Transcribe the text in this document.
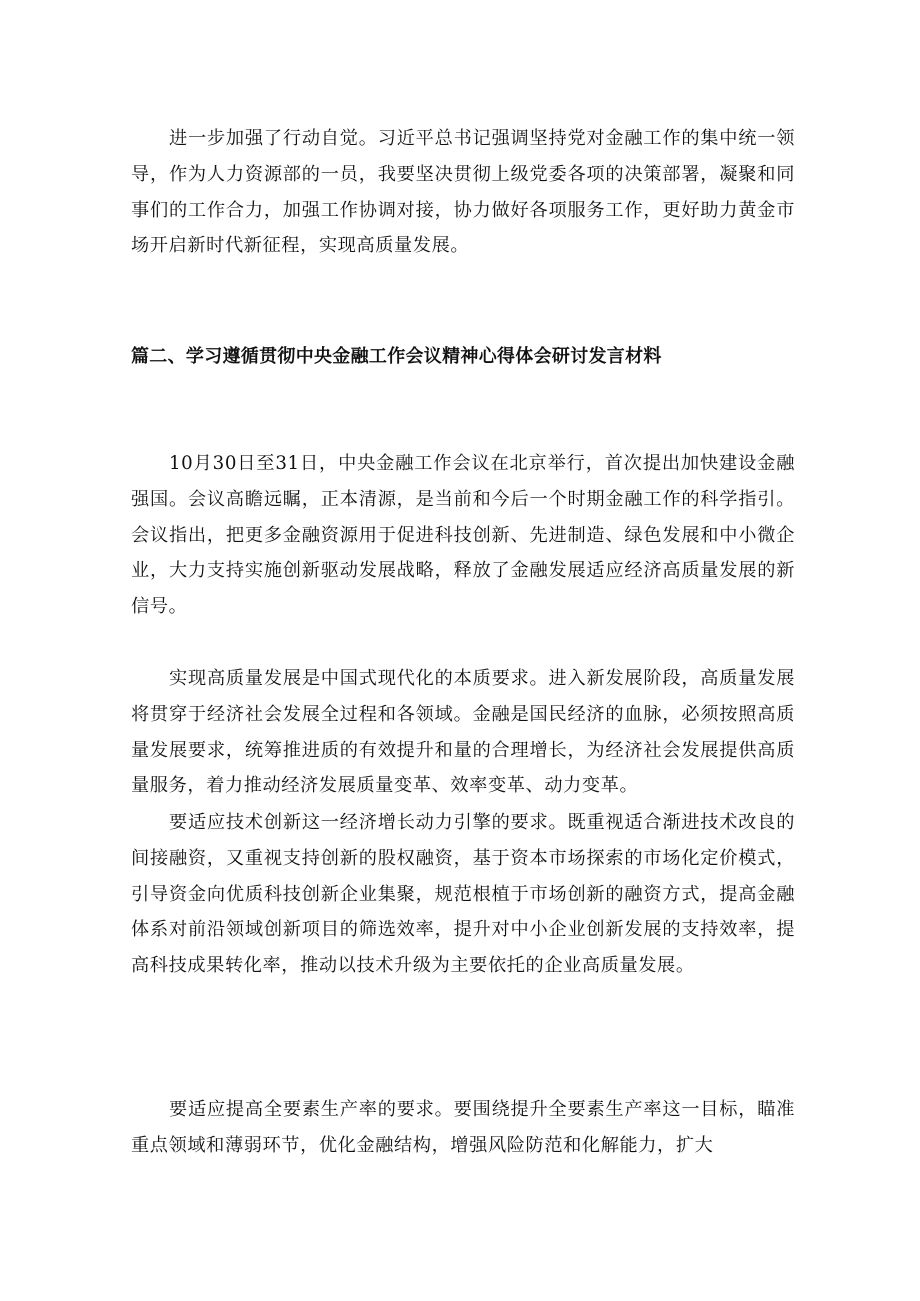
进一步加强了行动自觉。习近平总书记强调坚持党对金融工作的集中统一领导，作为人力资源部的一员，我要坚决贯彻上级党委各项的决策部署，凝聚和同事们的工作合力，加强工作协调对接，协力做好各项服务工作，更好助力黄金市场开启新时代新征程，实现高质量发展。

篇二、学习遵循贯彻中央金融工作会议精神心得体会研讨发言材料

10月30日至31日，中央金融工作会议在北京举行，首次提出加快建设金融强国。会议高瞻远瞩，正本清源，是当前和今后一个时期金融工作的科学指引。会议指出，把更多金融资源用于促进科技创新、先进制造、绿色发展和中小微企业，大力支持实施创新驱动发展战略，释放了金融发展适应经济高质量发展的新信号。

实现高质量发展是中国式现代化的本质要求。进入新发展阶段，高质量发展将贯穿于经济社会发展全过程和各领域。金融是国民经济的血脉，必须按照高质量发展要求，统筹推进质的有效提升和量的合理增长，为经济社会发展提供高质量服务，着力推动经济发展质量变革、效率变革、动力变革。

要适应技术创新这一经济增长动力引擎的要求。既重视适合渐进技术改良的间接融资，又重视支持创新的股权融资，基于资本市场探索的市场化定价模式，引导资金向优质科技创新企业集聚，规范根植于市场创新的融资方式，提高金融体系对前沿领域创新项目的筛选效率，提升对中小企业创新发展的支持效率，提高科技成果转化率，推动以技术升级为主要依托的企业高质量发展。

要适应提高全要素生产率的要求。要围绕提升全要素生产率这一目标，瞄准重点领域和薄弱环节，优化金融结构，增强风险防范和化解能力，扩大
